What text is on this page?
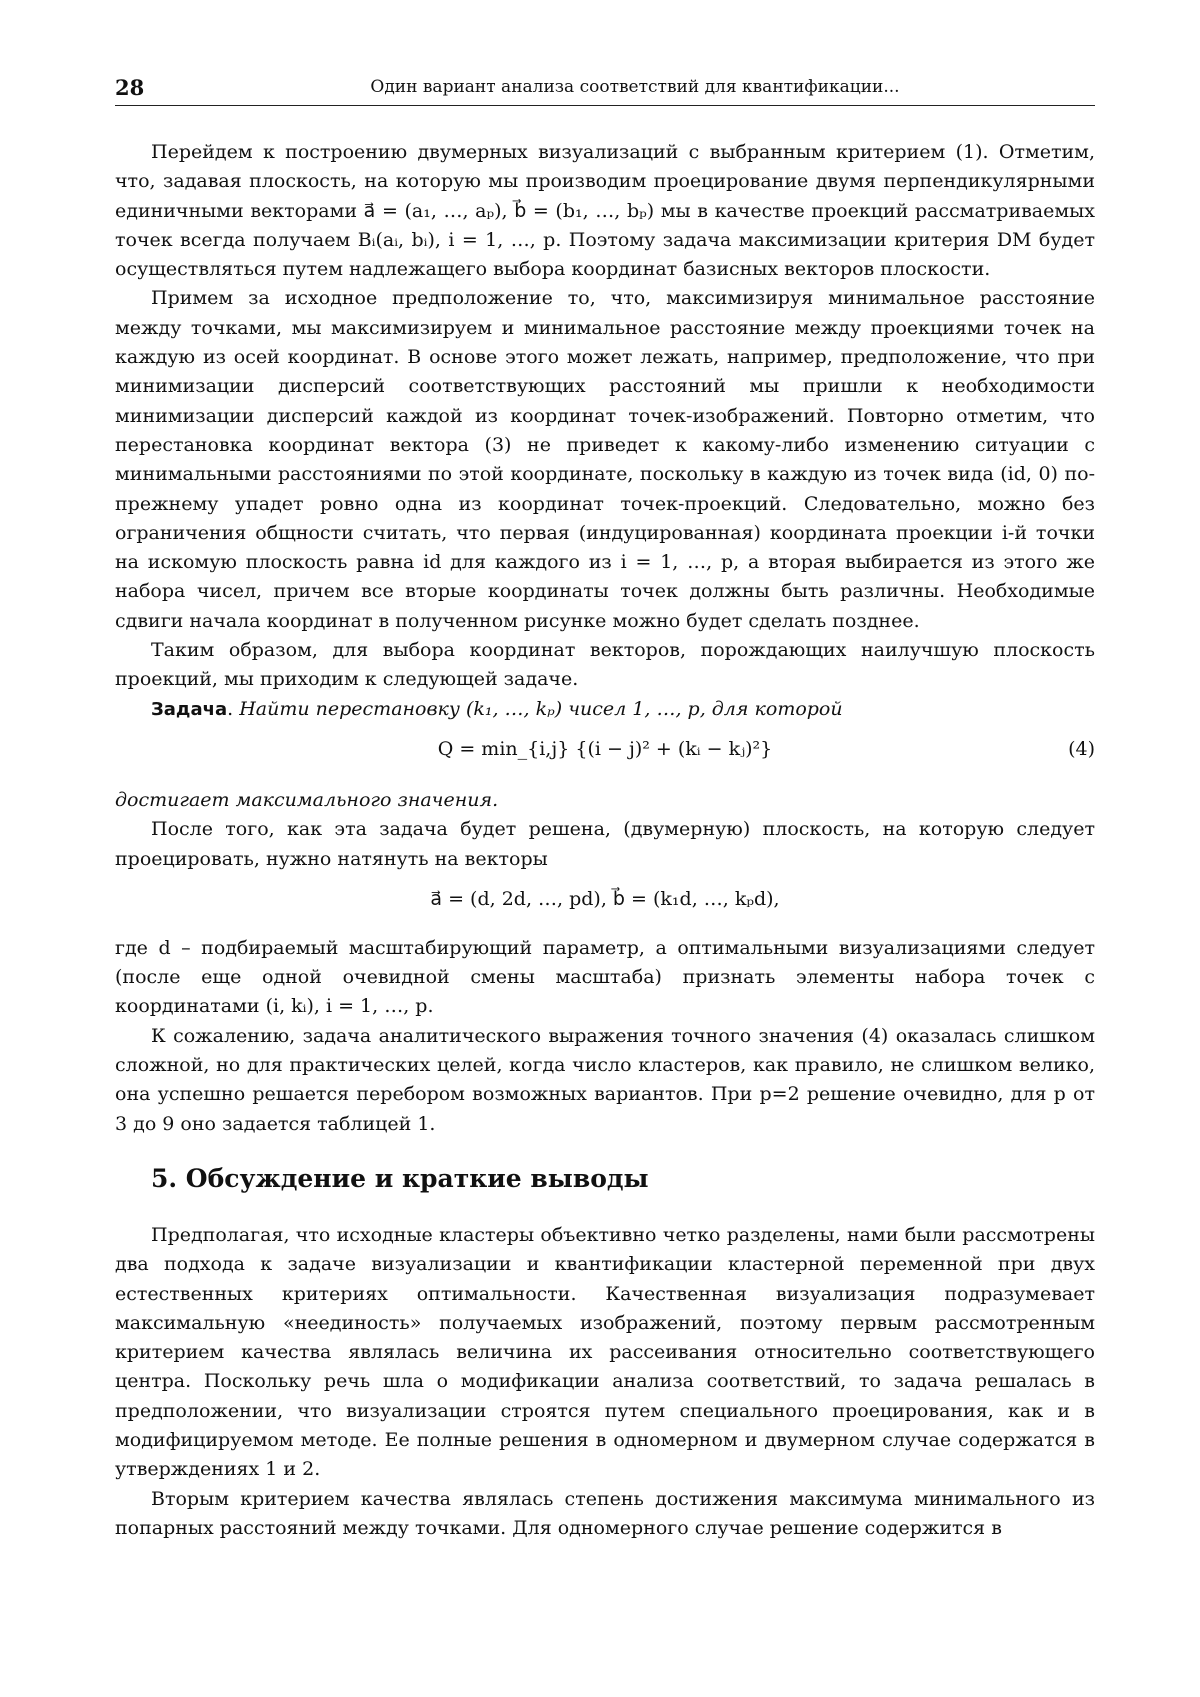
28	Один вариант анализа соответствий для квантификации...

Перейдем к построению двумерных визуализаций с выбранным критерием (1). Отметим, что, задавая плоскость, на которую мы производим проецирование двумя перпендикулярными единичными векторами a⃗ = (a₁, …, aₚ), b⃗ = (b₁, …, bₚ) мы в качестве проекций рассматриваемых точек всегда получаем Bᵢ(aᵢ, bᵢ), i = 1, …, p. Поэтому задача максимизации критерия DM будет осуществляться путем надлежащего выбора координат базисных векторов плоскости.

Примем за исходное предположение то, что, максимизируя минимальное расстояние между точками, мы максимизируем и минимальное расстояние между проекциями точек на каждую из осей координат. В основе этого может лежать, например, предположение, что при минимизации дисперсий соответствующих расстояний мы пришли к необходимости минимизации дисперсий каждой из координат точек-изображений. Повторно отметим, что перестановка координат вектора (3) не приведет к какому-либо изменению ситуации с минимальными расстояниями по этой координате, поскольку в каждую из точек вида (id, 0) по-прежнему упадет ровно одна из координат точек-проекций. Следовательно, можно без ограничения общности считать, что первая (индуцированная) координата проекции i-й точки на искомую плоскость равна id для каждого из i = 1, …, p, а вторая выбирается из этого же набора чисел, причем все вторые координаты точек должны быть различны. Необходимые сдвиги начала координат в полученном рисунке можно будет сделать позднее.

Таким образом, для выбора координат векторов, порождающих наилучшую плоскость проекций, мы приходим к следующей задаче.

Задача. Найти перестановку (k₁, …, kₚ) чисел 1, …, p, для которой

Q = min_{i,j} {(i − j)² + (kᵢ − kⱼ)²}	(4)

достигает максимального значения.

После того, как эта задача будет решена, (двумерную) плоскость, на которую следует проецировать, нужно натянуть на векторы

a⃗ = (d, 2d, …, pd), b⃗ = (k₁d, …, kₚd),

где d – подбираемый масштабирующий параметр, а оптимальными визуализациями следует (после еще одной очевидной смены масштаба) признать элементы набора точек с координатами (i, kᵢ), i = 1, …, p.

К сожалению, задача аналитического выражения точного значения (4) оказалась слишком сложной, но для практических целей, когда число кластеров, как правило, не слишком велико, она успешно решается перебором возможных вариантов. При p=2 решение очевидно, для p от 3 до 9 оно задается таблицей 1.

5. Обсуждение и краткие выводы

Предполагая, что исходные кластеры объективно четко разделены, нами были рассмотрены два подхода к задаче визуализации и квантификации кластерной переменной при двух естественных критериях оптимальности. Качественная визуализация подразумевает максимальную «неединость» получаемых изображений, поэтому первым рассмотренным критерием качества являлась величина их рассеивания относительно соответствующего центра. Поскольку речь шла о модификации анализа соответствий, то задача решалась в предположении, что визуализации строятся путем специального проецирования, как и в модифицируемом методе. Ее полные решения в одномерном и двумерном случае содержатся в утверждениях 1 и 2.

Вторым критерием качества являлась степень достижения максимума минимального из попарных расстояний между точками. Для одномерного случае решение содержится в
